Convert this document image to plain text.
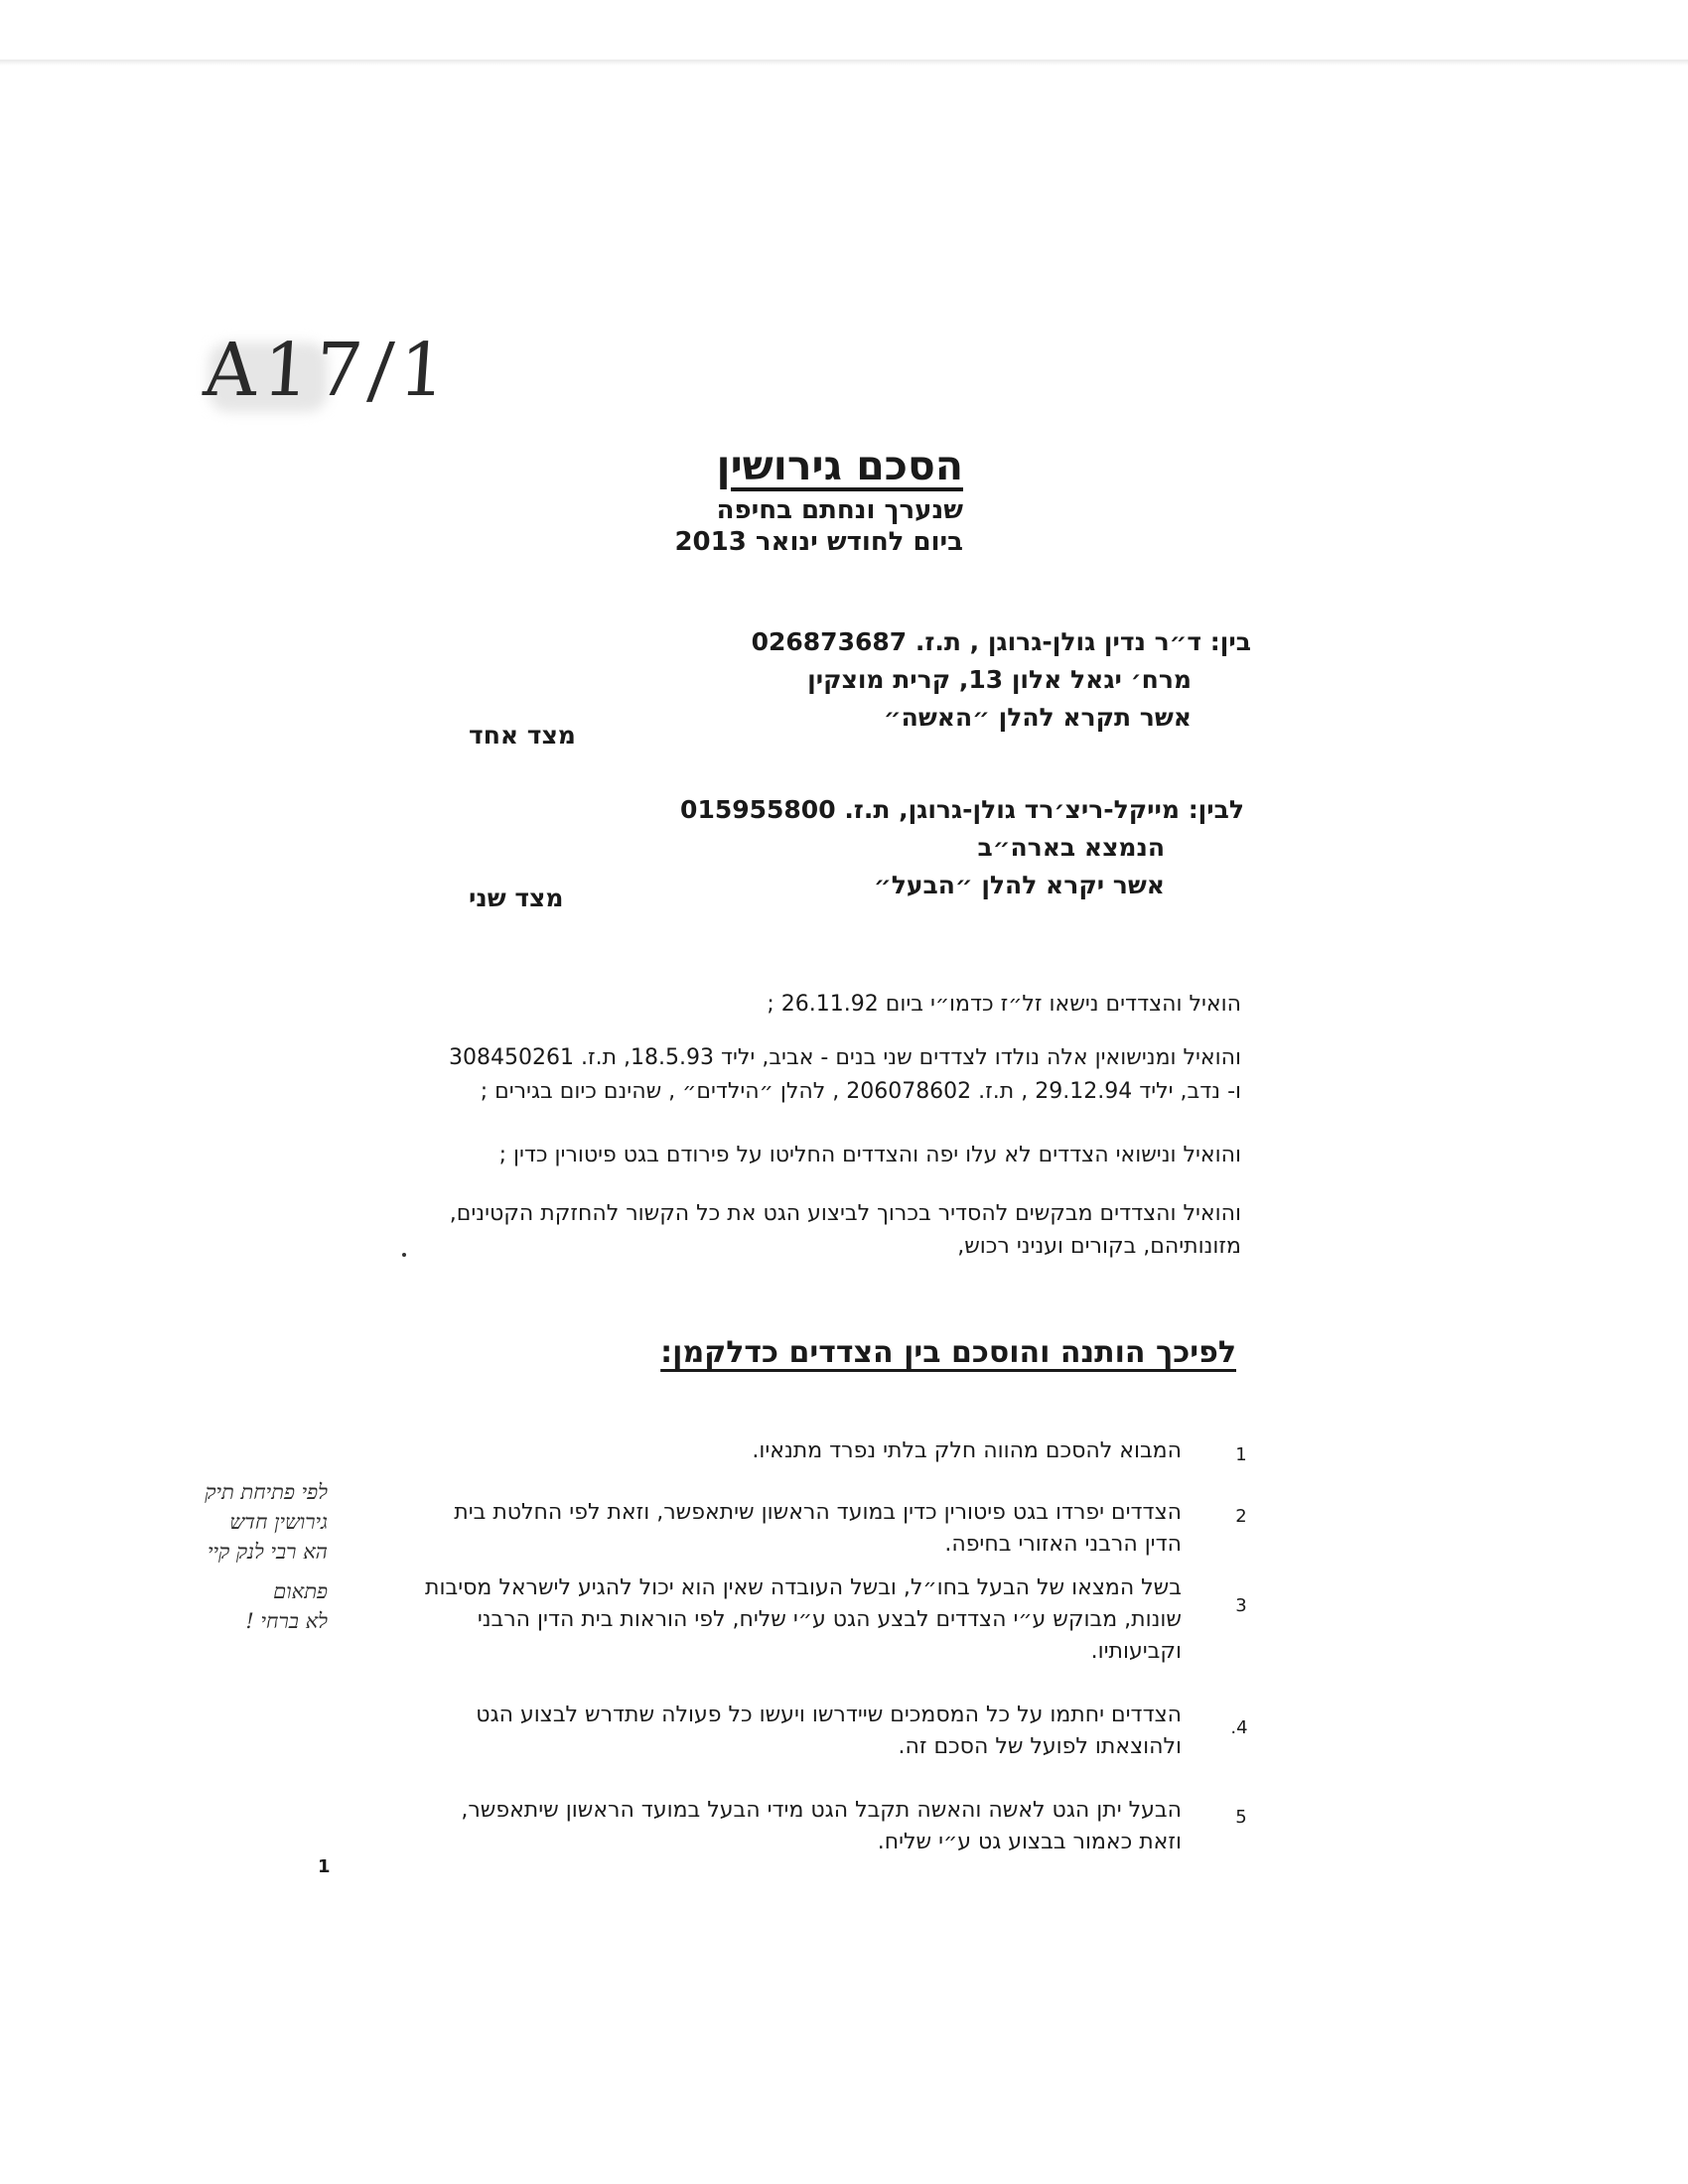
A17/1
הסכם גירושין
שנערך ונחתם בחיפה
ביום לחודש ינואר 2013
בין: ד״ר נדין גולן-גרוגן , ת.ז. 026873687
מרח׳ יגאל אלון 13, קרית מוצקין
אשר תקרא להלן ״האשה״
מצד אחד
לבין: מייקל-ריצ׳רד גולן-גרוגן, ת.ז. 015955800
הנמצא בארה״ב
אשר יקרא להלן ״הבעל״
מצד שני
הואיל והצדדים נישאו זל״ז כדמו״י ביום 26.11.92 ;
והואיל ומנישואין אלה נולדו לצדדים שני בנים - אביב, יליד 18.5.93, ת.ז. 308450261
ו- נדב, יליד 29.12.94 , ת.ז. 206078602 , להלן ״הילדים״ , שהינם כיום בגירים ;
והואיל ונישואי הצדדים לא עלו יפה והצדדים החליטו על פירודם בגט פיטורין כדין ;
והואיל והצדדים מבקשים להסדיר בכרוך לביצוע הגט את כל הקשור להחזקת הקטינים,
מזונותיהם, בקורים ועניני רכוש,
לפיכך הותנה והוסכם בין הצדדים כדלקמן:
המבוא להסכם מהווה חלק בלתי נפרד מתנאיו.	1
הצדדים יפרדו בגט פיטורין כדין במועד הראשון שיתאפשר, וזאת לפי החלטת בית
הדין הרבני האזורי בחיפה.
2
בשל המצאו של הבעל בחו״ל, ובשל העובדה שאין הוא יכול להגיע לישראל מסיבות
שונות, מבוקש ע״י הצדדים לבצע הגט ע״י שליח, לפי הוראות בית הדין הרבני
וקביעותיו.
3
הצדדים יחתמו על כל המסמכים שיידרשו ויעשו כל פעולה שתדרש לבצוע הגט
ולהוצאתו לפועל של הסכם זה.
.4
הבעל יתן הגט לאשה והאשה תקבל הגט מידי הבעל במועד הראשון שיתאפשר,
וזאת כאמור בבצוע גט ע״י שליח.
5
לפי פתיחת תיק
גירושין חדש
הא רבי לנק קיי
פתאום
לא ברחי !
1
